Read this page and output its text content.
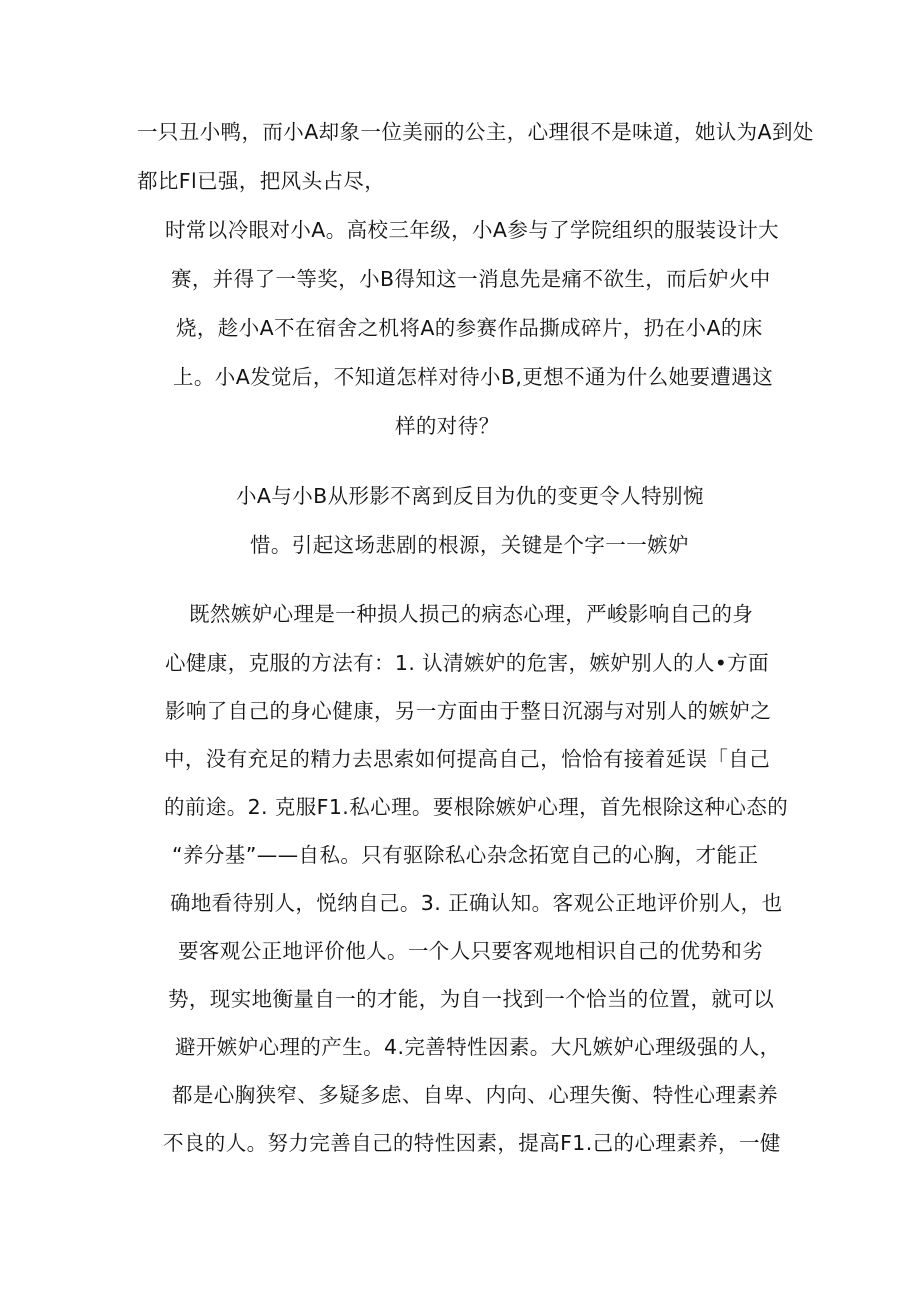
一只丑小鸭，而小A却象一位美丽的公主，心理很不是味道，她认为A到处
都比Fl已强，把风头占尽，
时常以冷眼对小A。高校三年级，小A参与了学院组织的服装设计大
赛，并得了一等奖，小B得知这一消息先是痛不欲生，而后妒火中
烧，趁小A不在宿舍之机将A的参赛作品撕成碎片，扔在小A的床
上。小A发觉后，不知道怎样对待小B,更想不通为什么她要遭遇这
样的对待？
小A与小B从形影不离到反目为仇的变更令人特别惋
惜。引起这场悲剧的根源，关键是个字一一嫉妒
既然嫉妒心理是一种损人损己的病态心理，严峻影响自己的身
心健康，克服的方法有：1. 认清嫉妒的危害，嫉妒别人的人•方面
影响了自己的身心健康，另一方面由于整日沉溺与对别人的嫉妒之
中，没有充足的精力去思索如何提高自己，恰恰有接着延误「自己
的前途。2. 克服F1.私心理。要根除嫉妒心理，首先根除这种心态的
“养分基”——自私。只有驱除私心杂念拓宽自己的心胸，才能正
确地看待别人，悦纳自己。3. 正确认知。客观公正地评价别人，也
要客观公正地评价他人。一个人只要客观地相识自己的优势和劣
势，现实地衡量自一的才能，为自一找到一个恰当的位置，就可以
避开嫉妒心理的产生。4.完善特性因素。大凡嫉妒心理级强的人，
都是心胸狭窄、多疑多虑、自卑、内向、心理失衡、特性心理素养
不良的人。努力完善自己的特性因素，提高F1.己的心理素养，一健
